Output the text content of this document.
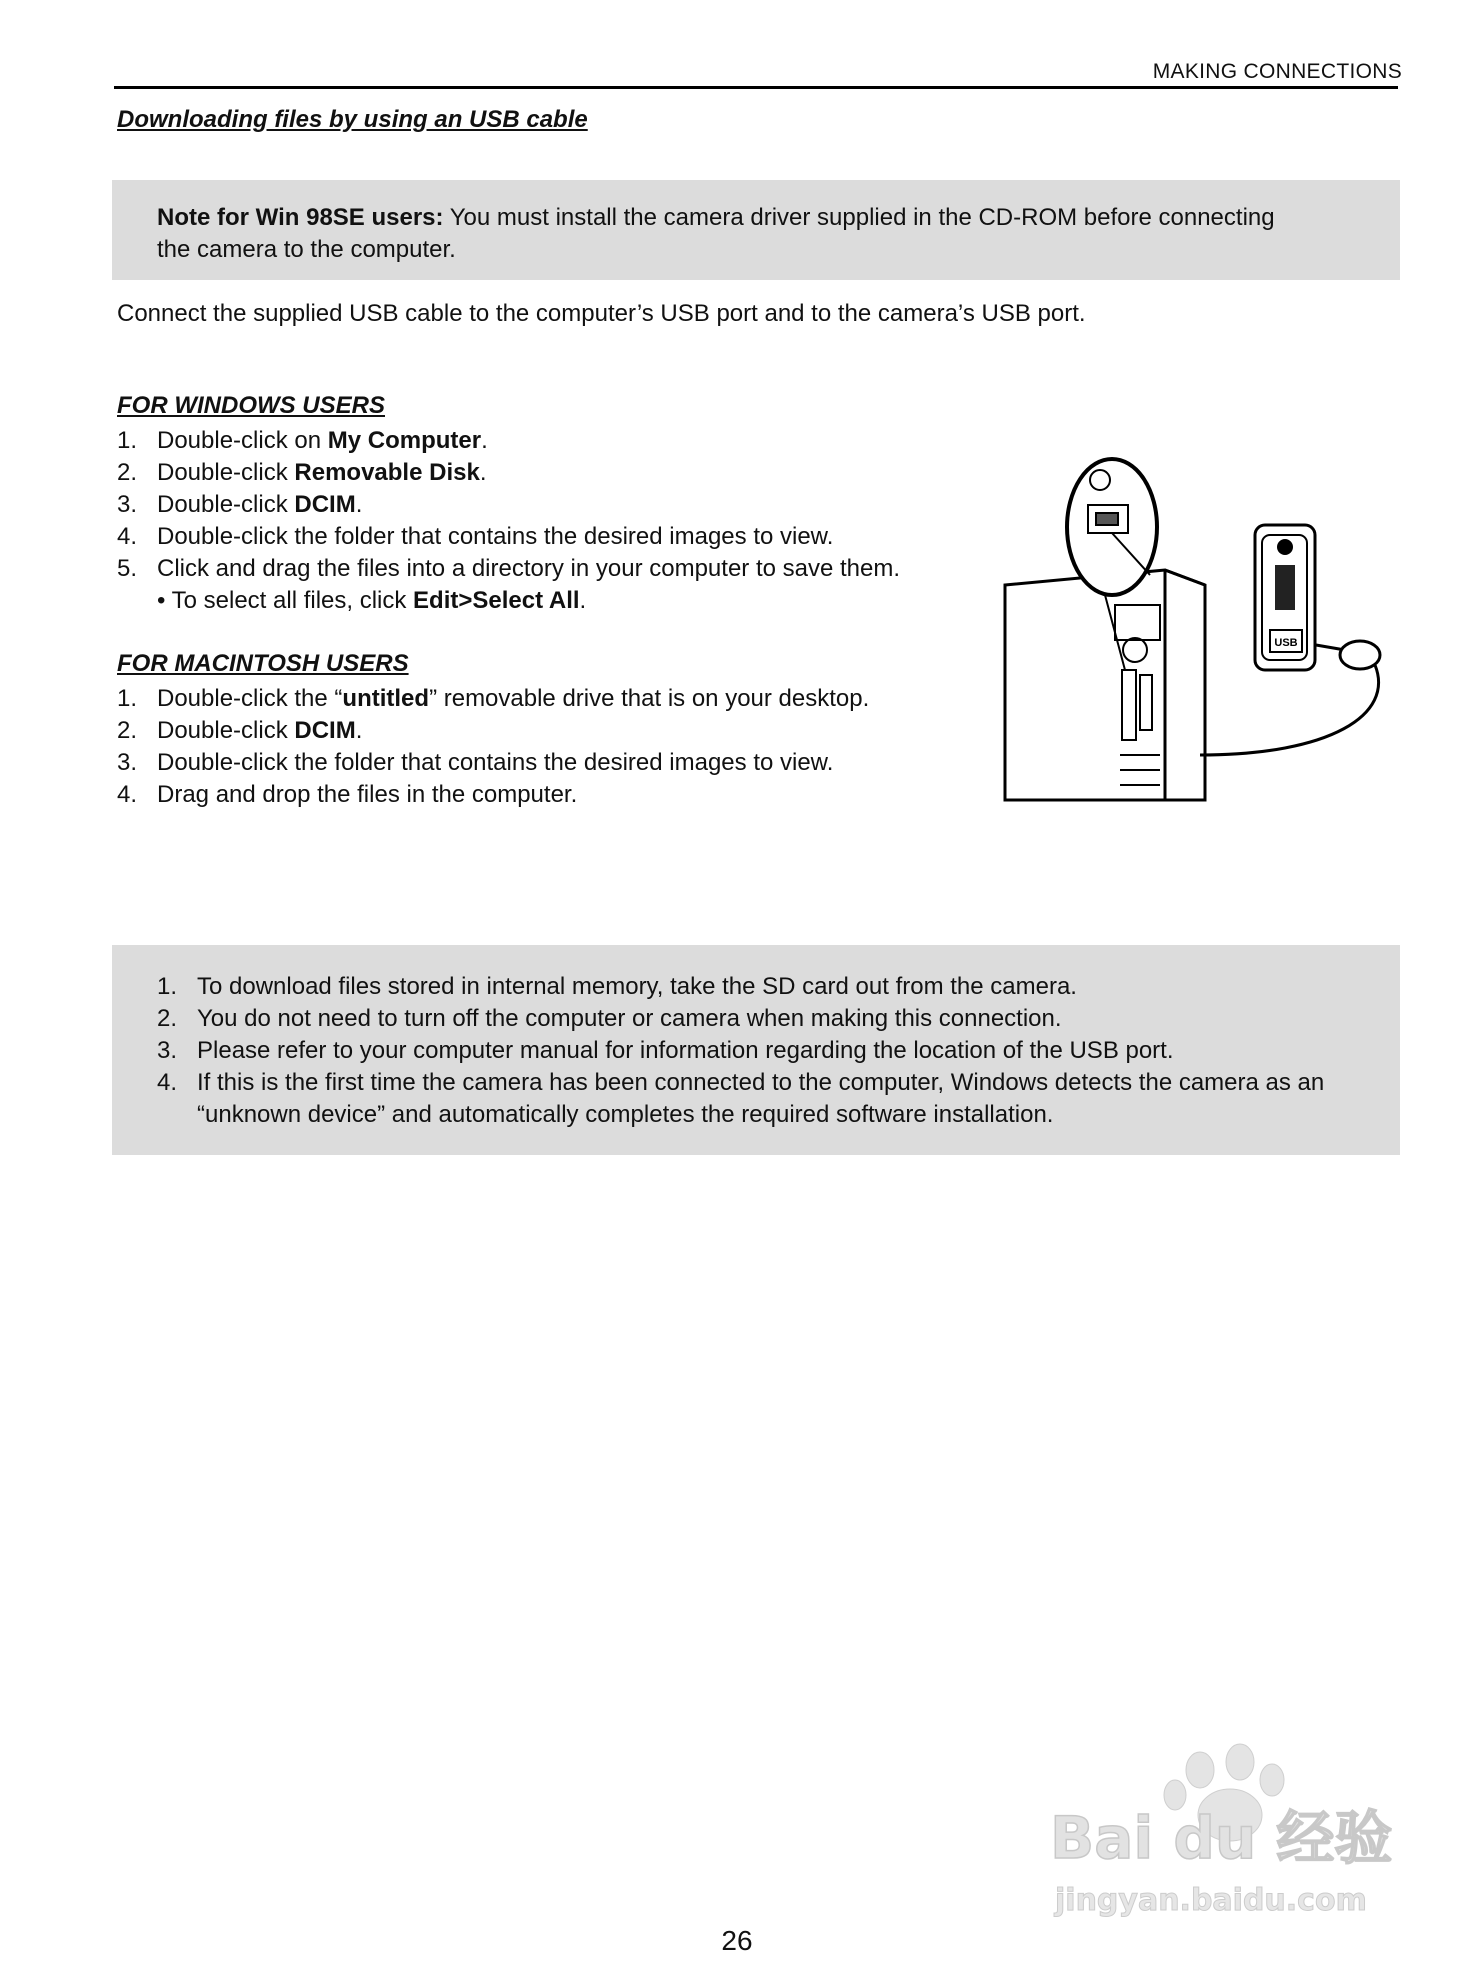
MAKING CONNECTIONS
Downloading files by using an USB cable
Note for Win 98SE users: You must install the camera driver supplied in the CD-ROM before connecting the camera to the computer.
Connect the supplied USB cable to the computer’s USB port and to the camera’s USB port.
FOR WINDOWS USERS
1. Double-click on My Computer.
2. Double-click Removable Disk.
3. Double-click DCIM.
4. Double-click the folder that contains the desired images to view.
5. Click and drag the files into a directory in your computer to save them.
• To select all files, click Edit>Select All.
FOR MACINTOSH USERS
1. Double-click the “untitled” removable drive that is on your desktop.
2. Double-click DCIM.
3. Double-click the folder that contains the desired images to view.
4. Drag and drop the files in the computer.
USB
1. To download files stored in internal memory, take the SD card out from the camera.
2. You do not need to turn off the computer or camera when making this connection.
3. Please refer to your computer manual for information regarding the location of the USB port.
4. If this is the first time the camera has been connected to the computer, Windows detects the camera as an “unknown device” and automatically completes the required software installation.
Bai du 经验
jingyan.baidu.com
26
